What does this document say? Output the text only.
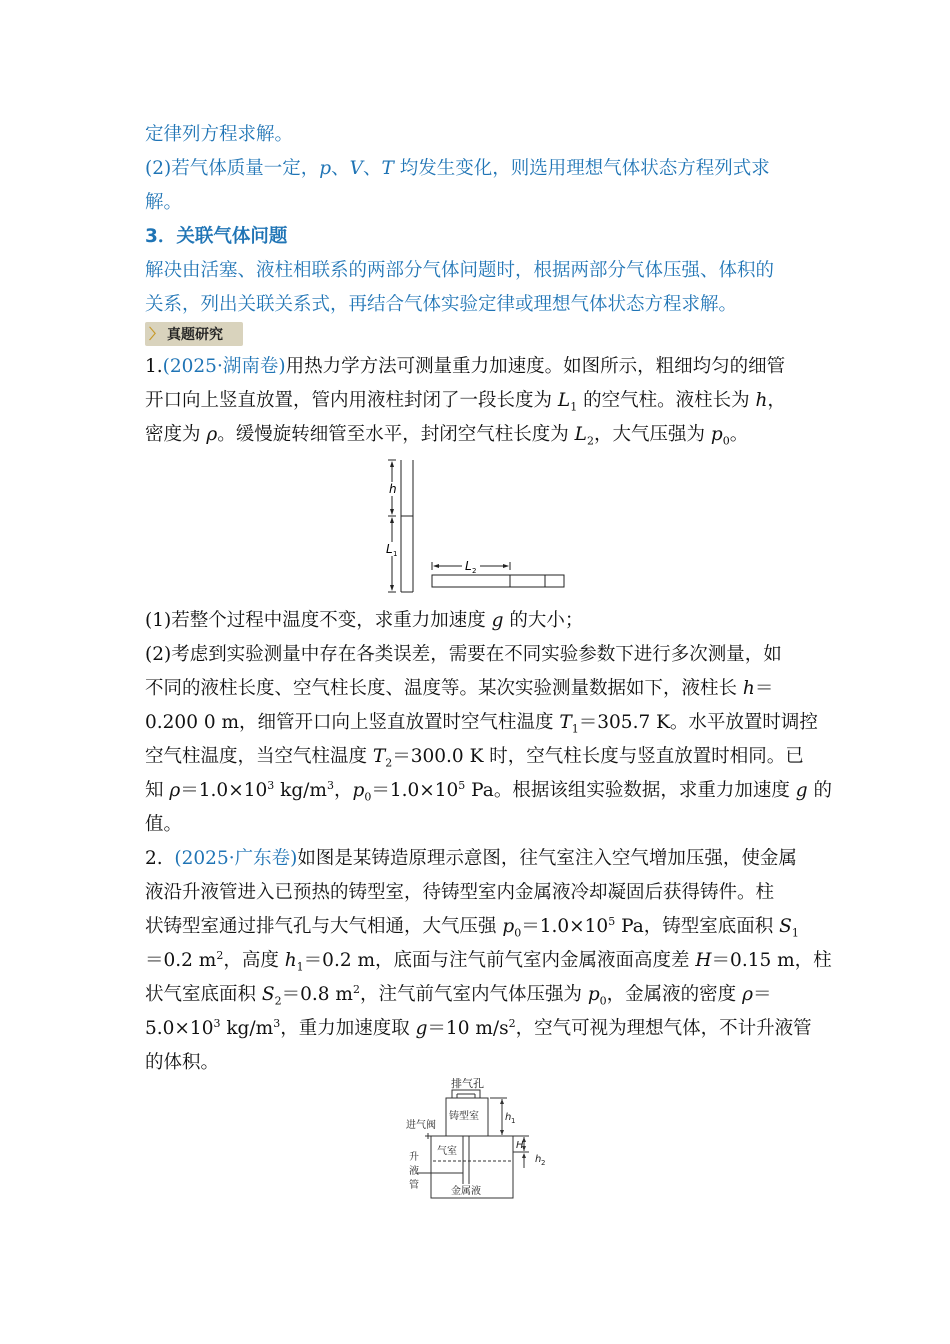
定律列方程求解。
(2)若气体质量一定，p、V、T 均发生变化，则选用理想气体状态方程列式求
解。
3．关联气体问题
解决由活塞、液柱相联系的两部分气体问题时，根据两部分气体压强、体积的
关系，列出关联关系式，再结合气体实验定律或理想气体状态方程求解。
〉 真题研究
1.(2025·湖南卷)用热力学方法可测量重力加速度。如图所示，粗细均匀的细管
开口向上竖直放置，管内用液柱封闭了一段长度为 $L_1$ 的空气柱。液柱长为 h，
密度为 ρ。缓慢旋转细管至水平，封闭空气柱长度为 $L_2$，大气压强为 $p_0$。
h
L 1
L 2
(1)若整个过程中温度不变，求重力加速度 g 的大小；
(2)考虑到实验测量中存在各类误差，需要在不同实验参数下进行多次测量，如
不同的液柱长度、空气柱长度、温度等。某次实验测量数据如下，液柱长 h＝
0.200 0 m，细管开口向上竖直放置时空气柱温度 $T_1=305.7$ K。水平放置时调控
空气柱温度，当空气柱温度 $T_2=300.0$ K 时，空气柱长度与竖直放置时相同。已
知 $\rho=1.0\times 10^3$ $kg/m^3$，$p_0=1.0\times 10^5$ Pa。根据该组实验数据，求重力加速度 g 的
值。
2. (2025·广东卷)如图是某铸造原理示意图，往气室注入空气增加压强，使金属
液沿升液管进入已预热的铸型室，待铸型室内金属液冷却凝固后获得铸件。柱
状铸型室通过排气孔与大气相通，大气压强 $p_0=1.0\times 10^5$ Pa，铸型室底面积 $S_1$
＝0.2 $m^2$，高度 $h_1=0.2$ m，底面与注气前气室内金属液面高度差 H＝0.15 m，柱
状气室底面积 $S_2=0.8$ $m^2$，注气前气室内气体压强为 $p_0$，金属液的密度 ρ＝
$5.0\times 10^3$ $kg/m^3$，重力加速度取 g＝10 $m/s^2$，空气可视为理想气体，不计升液管
的体积。
排气孔
铸型室
进气阀
气室
升
液
管
金属液
h 1
H
h 2
